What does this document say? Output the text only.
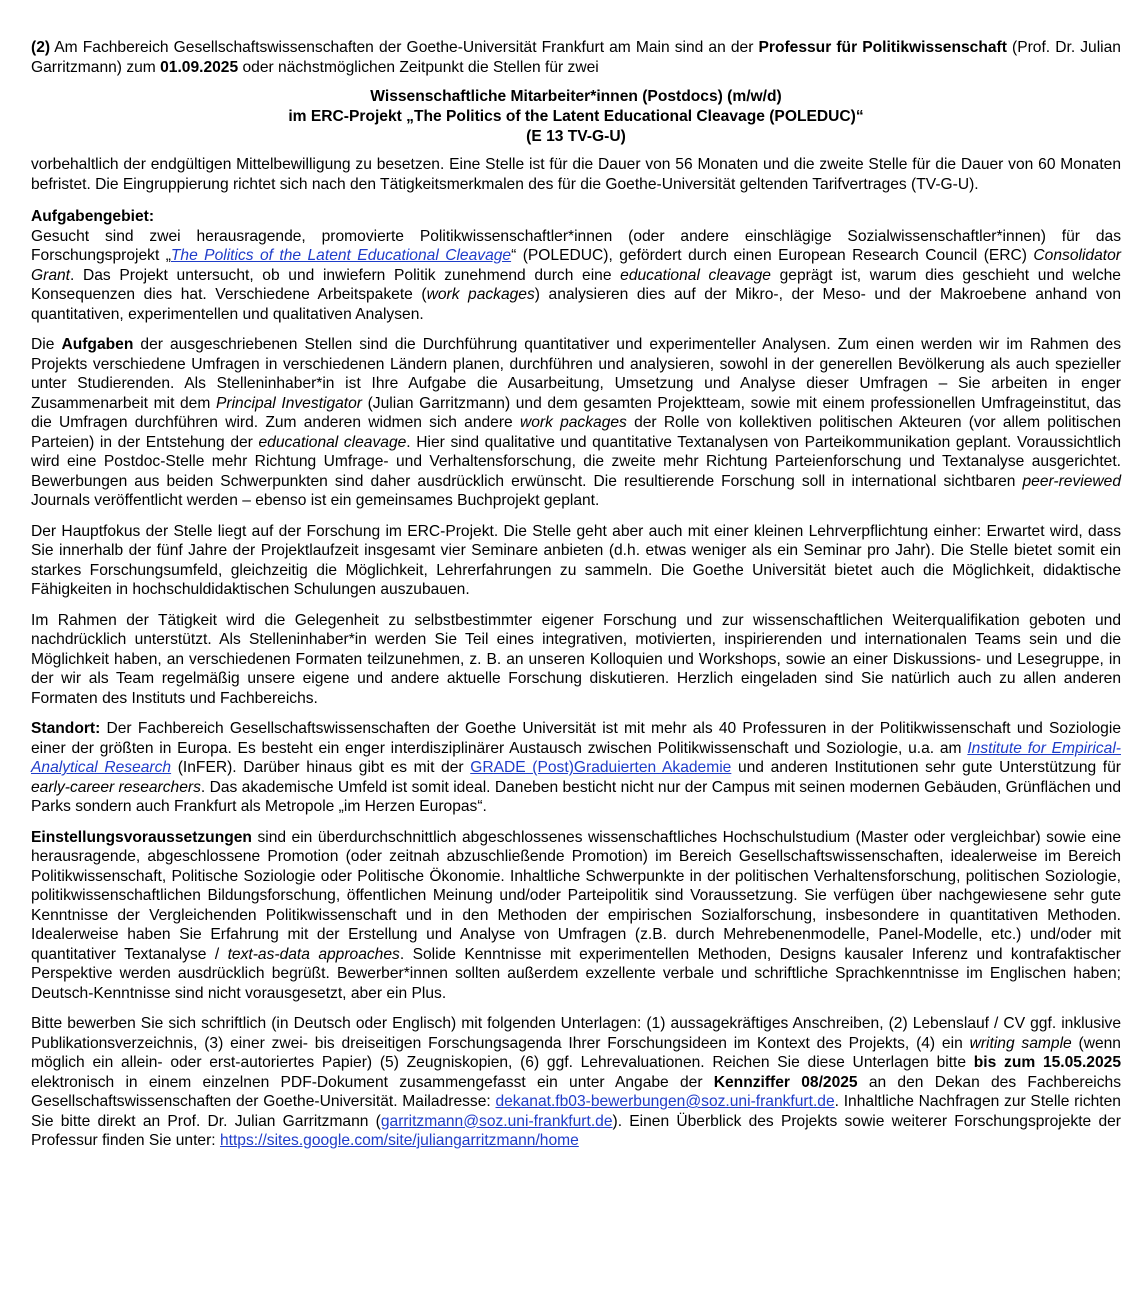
(2) Am Fachbereich Gesellschaftswissenschaften der Goethe-Universität Frankfurt am Main sind an der Professur für Politikwissenschaft (Prof. Dr. Julian Garritzmann) zum 01.09.2025 oder nächstmöglichen Zeitpunkt die Stellen für zwei

Wissenschaftliche Mitarbeiter*innen (Postdocs) (m/w/d)
im ERC-Projekt „The Politics of the Latent Educational Cleavage (POLEDUC)“
(E 13 TV-G-U)

vorbehaltlich der endgültigen Mittelbewilligung zu besetzen. Eine Stelle ist für die Dauer von 56 Monaten und die zweite Stelle für die Dauer von 60 Monaten befristet. Die Eingruppierung richtet sich nach den Tätigkeitsmerkmalen des für die Goethe-Universität geltenden Tarifvertrages (TV-G-U).

Aufgabengebiet:
Gesucht sind zwei herausragende, promovierte Politikwissenschaftler*innen (oder andere einschlägige Sozialwissenschaftler*innen) für das Forschungsprojekt „The Politics of the Latent Educational Cleavage“ (POLEDUC), gefördert durch einen European Research Council (ERC) Consolidator Grant. Das Projekt untersucht, ob und inwiefern Politik zunehmend durch eine educational cleavage geprägt ist, warum dies geschieht und welche Konsequenzen dies hat. Verschiedene Arbeitspakete (work packages) analysieren dies auf der Mikro-, der Meso- und der Makroebene anhand von quantitativen, experimentellen und qualitativen Analysen.

Die Aufgaben der ausgeschriebenen Stellen sind die Durchführung quantitativer und experimenteller Analysen. Zum einen werden wir im Rahmen des Projekts verschiedene Umfragen in verschiedenen Ländern planen, durchführen und analysieren, sowohl in der generellen Bevölkerung als auch spezieller unter Studierenden. Als Stelleninhaber*in ist Ihre Aufgabe die Ausarbeitung, Umsetzung und Analyse dieser Umfragen – Sie arbeiten in enger Zusammenarbeit mit dem Principal Investigator (Julian Garritzmann) und dem gesamten Projektteam, sowie mit einem professionellen Umfrageinstitut, das die Umfragen durchführen wird. Zum anderen widmen sich andere work packages der Rolle von kollektiven politischen Akteuren (vor allem politischen Parteien) in der Entstehung der educational cleavage. Hier sind qualitative und quantitative Textanalysen von Parteikommunikation geplant. Voraussichtlich wird eine Postdoc-Stelle mehr Richtung Umfrage- und Verhaltensforschung, die zweite mehr Richtung Parteienforschung und Textanalyse ausgerichtet. Bewerbungen aus beiden Schwerpunkten sind daher ausdrücklich erwünscht. Die resultierende Forschung soll in international sichtbaren peer-reviewed Journals veröffentlicht werden – ebenso ist ein gemeinsames Buchprojekt geplant.

Der Hauptfokus der Stelle liegt auf der Forschung im ERC-Projekt. Die Stelle geht aber auch mit einer kleinen Lehrverpflichtung einher: Erwartet wird, dass Sie innerhalb der fünf Jahre der Projektlaufzeit insgesamt vier Seminare anbieten (d.h. etwas weniger als ein Seminar pro Jahr). Die Stelle bietet somit ein starkes Forschungsumfeld, gleichzeitig die Möglichkeit, Lehrerfahrungen zu sammeln. Die Goethe Universität bietet auch die Möglichkeit, didaktische Fähigkeiten in hochschuldidaktischen Schulungen auszubauen.

Im Rahmen der Tätigkeit wird die Gelegenheit zu selbstbestimmter eigener Forschung und zur wissenschaftlichen Weiterqualifikation geboten und nachdrücklich unterstützt. Als Stelleninhaber*in werden Sie Teil eines integrativen, motivierten, inspirierenden und internationalen Teams sein und die Möglichkeit haben, an verschiedenen Formaten teilzunehmen, z. B. an unseren Kolloquien und Workshops, sowie an einer Diskussions- und Lesegruppe, in der wir als Team regelmäßig unsere eigene und andere aktuelle Forschung diskutieren. Herzlich eingeladen sind Sie natürlich auch zu allen anderen Formaten des Instituts und Fachbereichs.

Standort: Der Fachbereich Gesellschaftswissenschaften der Goethe Universität ist mit mehr als 40 Professuren in der Politikwissenschaft und Soziologie einer der größten in Europa. Es besteht ein enger interdisziplinärer Austausch zwischen Politikwissenschaft und Soziologie, u.a. am Institute for Empirical-Analytical Research (InFER). Darüber hinaus gibt es mit der GRADE (Post)Graduierten Akademie und anderen Institutionen sehr gute Unterstützung für early-career researchers. Das akademische Umfeld ist somit ideal. Daneben besticht nicht nur der Campus mit seinen modernen Gebäuden, Grünflächen und Parks sondern auch Frankfurt als Metropole „im Herzen Europas“.

Einstellungsvoraussetzungen sind ein überdurchschnittlich abgeschlossenes wissenschaftliches Hochschulstudium (Master oder vergleichbar) sowie eine herausragende, abgeschlossene Promotion (oder zeitnah abzuschließende Promotion) im Bereich Gesellschaftswissenschaften, idealerweise im Bereich Politikwissenschaft, Politische Soziologie oder Politische Ökonomie. Inhaltliche Schwerpunkte in der politischen Verhaltensforschung, politischen Soziologie, politikwissenschaftlichen Bildungsforschung, öffentlichen Meinung und/oder Parteipolitik sind Voraussetzung. Sie verfügen über nachgewiesene sehr gute Kenntnisse der Vergleichenden Politikwissenschaft und in den Methoden der empirischen Sozialforschung, insbesondere in quantitativen Methoden. Idealerweise haben Sie Erfahrung mit der Erstellung und Analyse von Umfragen (z.B. durch Mehrebenenmodelle, Panel-Modelle, etc.) und/oder mit quantitativer Textanalyse / text-as-data approaches. Solide Kenntnisse mit experimentellen Methoden, Designs kausaler Inferenz und kontrafaktischer Perspektive werden ausdrücklich begrüßt. Bewerber*innen sollten außerdem exzellente verbale und schriftliche Sprachkenntnisse im Englischen haben; Deutsch-Kenntnisse sind nicht vorausgesetzt, aber ein Plus.

Bitte bewerben Sie sich schriftlich (in Deutsch oder Englisch) mit folgenden Unterlagen: (1) aussagekräftiges Anschreiben, (2) Lebenslauf / CV ggf. inklusive Publikationsverzeichnis, (3) einer zwei- bis dreiseitigen Forschungsagenda Ihrer Forschungsideen im Kontext des Projekts, (4) ein writing sample (wenn möglich ein allein- oder erst-autoriertes Papier) (5) Zeugniskopien, (6) ggf. Lehrevaluationen. Reichen Sie diese Unterlagen bitte bis zum 15.05.2025 elektronisch in einem einzelnen PDF-Dokument zusammengefasst ein unter Angabe der Kennziffer 08/2025 an den Dekan des Fachbereichs Gesellschaftswissenschaften der Goethe-Universität. Mailadresse: dekanat.fb03-bewerbungen@soz.uni-frankfurt.de. Inhaltliche Nachfragen zur Stelle richten Sie bitte direkt an Prof. Dr. Julian Garritzmann (garritzmann@soz.uni-frankfurt.de). Einen Überblick des Projekts sowie weiterer Forschungsprojekte der Professur finden Sie unter: https://sites.google.com/site/juliangarritzmann/home
